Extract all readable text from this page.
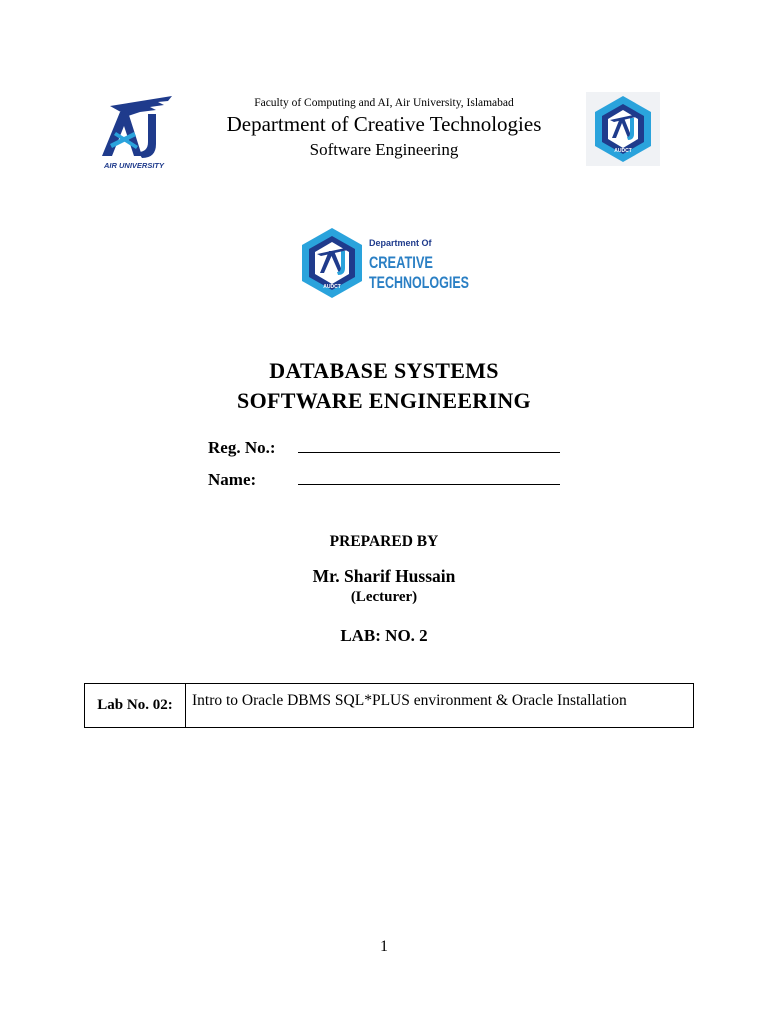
AIR UNIVERSITY
Faculty of Computing and AI, Air University, Islamabad
Department of Creative Technologies
Software Engineering	AUDCT
AUDCT
Department Of
CREATIVE
TECHNOLOGIES
DATABASE SYSTEMS
SOFTWARE ENGINEERING
Reg. No.:
Name:
PREPARED BY
Mr. Sharif Hussain
(Lecturer)
LAB: NO. 2
Lab No. 02:	Intro to Oracle DBMS SQL*PLUS environment & Oracle Installation
1
